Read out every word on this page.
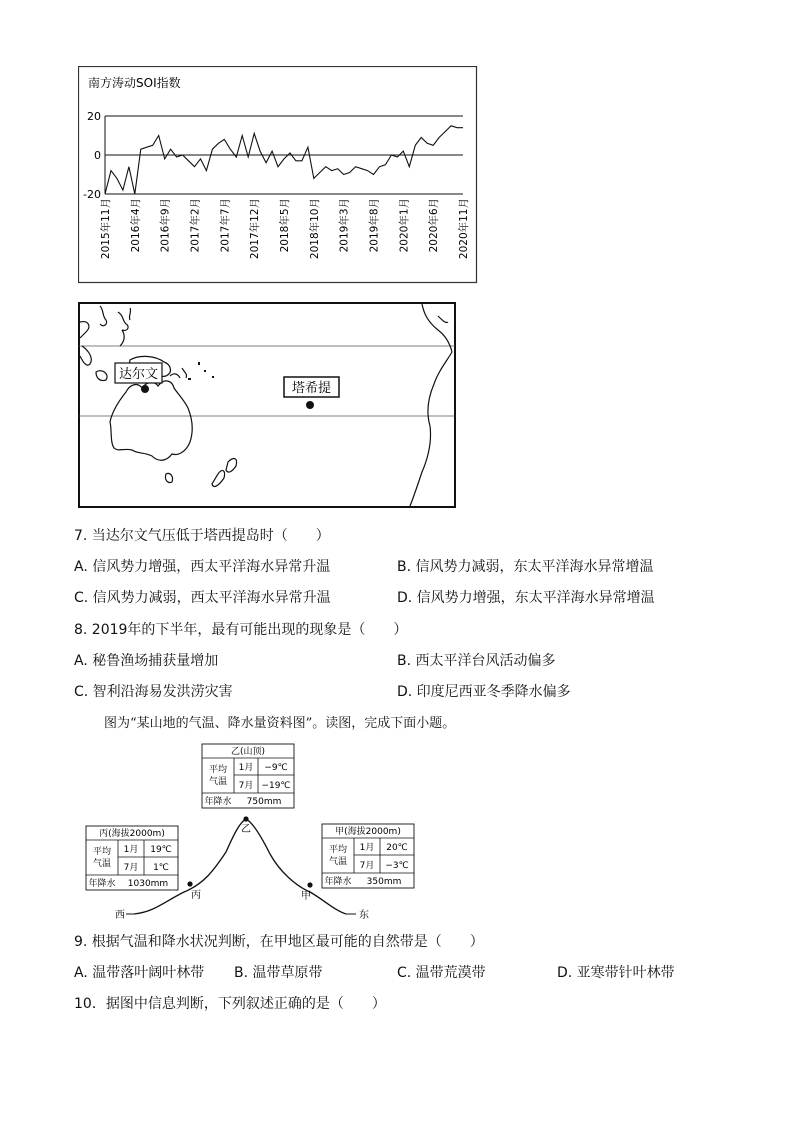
南方涛动SOI指数
20
0
-20
2015年11月 2016年4月 2016年9月 2017年2月 2017年7月 2017年12月 2018年5月 2018年10月 2019年3月 2019年8月 2020年1月 2020年6月 2020年11月
达尔文
塔希提
7. 当达尔文气压低于塔西提岛时（　　）
A. 信风势力增强，西太平洋海水异常升温	B. 信风势力减弱，东太平洋海水异常增温
C. 信风势力减弱，西太平洋海水异常升温	D. 信风势力增强，东太平洋海水异常增温
8. 2019年的下半年，最有可能出现的现象是（　　）
A. 秘鲁渔场捕获量增加	B. 西太平洋台风活动偏多
C. 智利沿海易发洪涝灾害	D. 印度尼西亚冬季降水偏多
图为“某山地的气温、降水量资料图”。读图，完成下面小题。
西	东
乙
丙	甲
乙(山顶)
平均
气温
1月 −9℃
7月 −19℃
年降水 750mm
丙(海拔2000m)
平均
气温
1月 19℃
7月 1℃
年降水 1030mm
甲(海拔2000m)
平均
气温
1月 20℃
7月 −3℃
年降水 350mm
9. 根据气温和降水状况判断，在甲地区最可能的自然带是（　　）
A. 温带落叶阔叶林带 B. 温带草原带	C. 温带荒漠带	D. 亚寒带针叶林带
10．据图中信息判断，下列叙述正确的是（　　）
